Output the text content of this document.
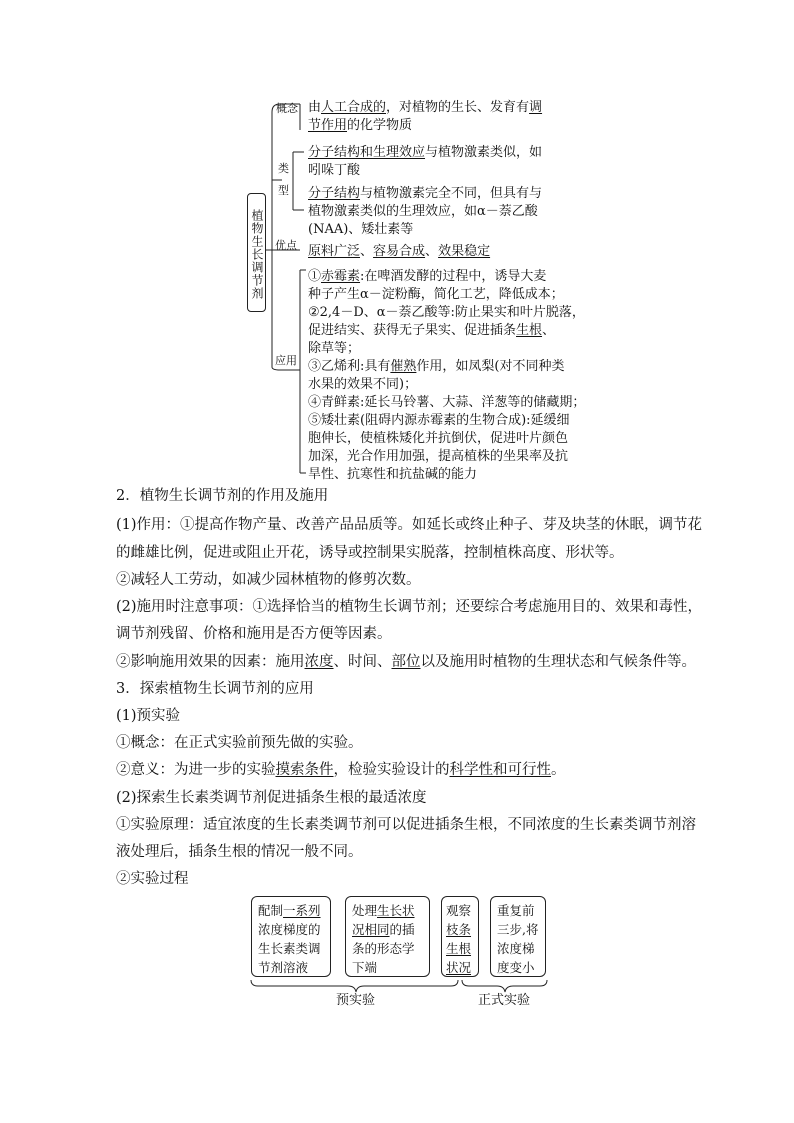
植物生长调节剂
概念
类
型
优点
应用
由人工合成的，对植物的生长、发育有调
节作用的化学物质
分子结构和生理效应与植物激素类似，如
吲哚丁酸
分子结构与植物激素完全不同，但具有与
植物激素类似的生理效应，如α－萘乙酸
(NAA)、矮壮素等
原料广泛、容易合成、效果稳定
①赤霉素:在啤酒发酵的过程中，诱导大麦
种子产生α－淀粉酶，简化工艺，降低成本；
②2,4－D、α－萘乙酸等:防止果实和叶片脱落，
促进结实、获得无子果实、促进插条生根、
除草等；
③乙烯利:具有催熟作用，如凤梨(对不同种类
水果的效果不同)；
④青鲜素:延长马铃薯、大蒜、洋葱等的储藏期；
⑤矮壮素(阻碍内源赤霉素的生物合成):延缓细
胞伸长，使植株矮化并抗倒伏，促进叶片颜色
加深，光合作用加强，提高植株的坐果率及抗
旱性、抗寒性和抗盐碱的能力
2．植物生长调节剂的作用及施用
(1)作用：①提高作物产量、改善产品品质等。如延长或终止种子、芽及块茎的休眠，调节花
的雌雄比例，促进或阻止开花，诱导或控制果实脱落，控制植株高度、形状等。
②减轻人工劳动，如减少园林植物的修剪次数。
(2)施用时注意事项：①选择恰当的植物生长调节剂；还要综合考虑施用目的、效果和毒性，
调节剂残留、价格和施用是否方便等因素。
②影响施用效果的因素：施用浓度、时间、部位以及施用时植物的生理状态和气候条件等。
3．探索植物生长调节剂的应用
(1)预实验
①概念：在正式实验前预先做的实验。
②意义：为进一步的实验摸索条件，检验实验设计的科学性和可行性。
(2)探索生长素类调节剂促进插条生根的最适浓度
①实验原理：适宜浓度的生长素类调节剂可以促进插条生根，不同浓度的生长素类调节剂溶
液处理后，插条生根的情况一般不同。
②实验过程
配制一系列
浓度梯度的
生长素类调
节剂溶液
处理生长状
况相同的插
条的形态学
下端
观察
枝条
生根
状况
重复前
三步,将
浓度梯
度变小
预实验	正式实验
